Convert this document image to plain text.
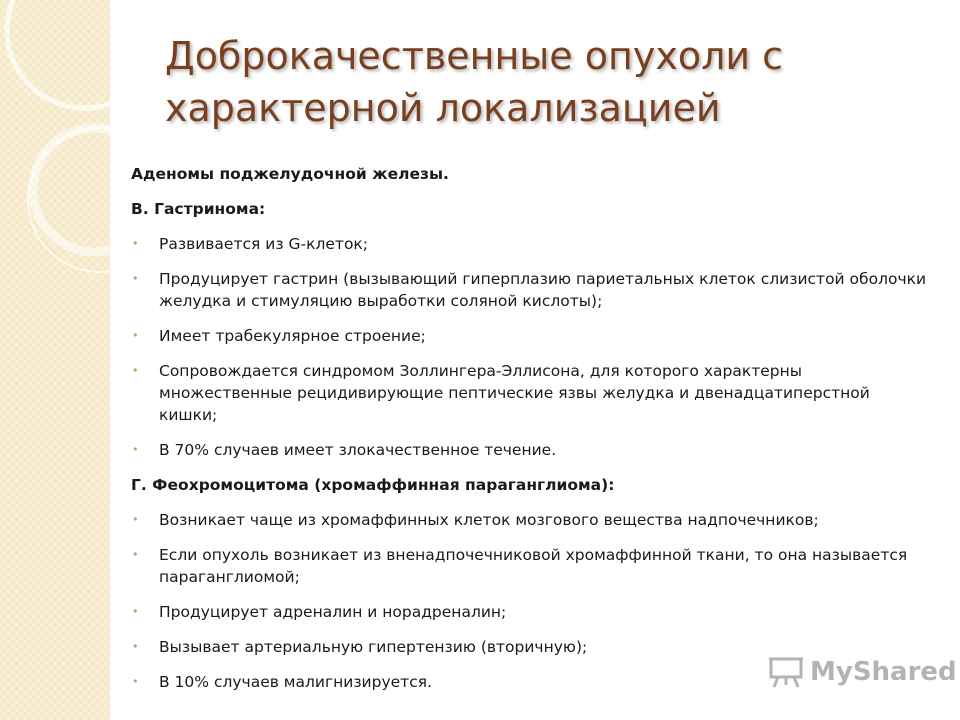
Доброкачественные опухоли с характерной локализацией
Аденомы поджелудочной железы.
В. Гастринома:
• Развивается из G-клеток;
• Продуцирует гастрин (вызывающий гиперплазию париетальных клеток слизистой оболочки желудка и стимуляцию выработки соляной кислоты);
• Имеет трабекулярное строение;
• Сопровождается синдромом Золлингера-Эллисона, для которого характерны множественные рецидивирующие пептические язвы желудка и двенадцатиперстной кишки;
• В 70% случаев имеет злокачественное течение.
Г. Феохромоцитома (хромаффинная параганглиома):
• Возникает чаще из хромаффинных клеток мозгового вещества надпочечников;
• Если опухоль возникает из вненадпочечниковой хромаффинной ткани, то она называется параганглиомой;
• Продуцирует адреналин и норадреналин;
• Вызывает артериальную гипертензию (вторичную);
• В 10% случаев малигнизируется.	MyShared
